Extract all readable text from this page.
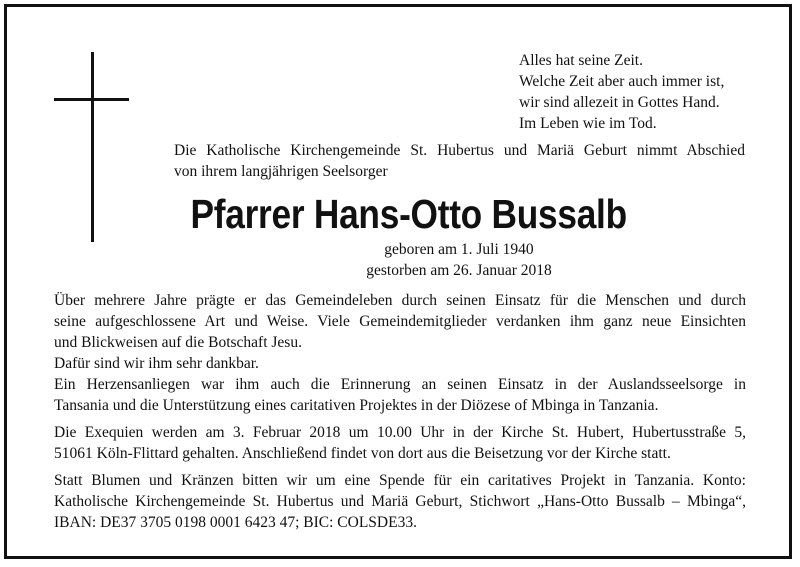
Alles hat seine Zeit.
Welche Zeit aber auch immer ist,
wir sind allezeit in Gottes Hand.
Im Leben wie im Tod.
Die Katholische Kirchengemeinde St. Hubertus und Mariä Geburt nimmt Abschied
von ihrem langjährigen Seelsorger
Pfarrer Hans-Otto Bussalb
geboren am 1. Juli 1940
gestorben am 26. Januar 2018
Über mehrere Jahre prägte er das Gemeindeleben durch seinen Einsatz für die Menschen und durch
seine aufgeschlossene Art und Weise. Viele Gemeindemitglieder verdanken ihm ganz neue Einsichten
und Blickweisen auf die Botschaft Jesu.
Dafür sind wir ihm sehr dankbar.
Ein Herzensanliegen war ihm auch die Erinnerung an seinen Einsatz in der Auslandsseelsorge in
Tansania und die Unterstützung eines caritativen Projektes in der Diözese of Mbinga in Tanzania.
Die Exequien werden am 3. Februar 2018 um 10.00 Uhr in der Kirche St. Hubert, Hubertusstraße 5,
51061 Köln-Flittard gehalten. Anschließend findet von dort aus die Beisetzung vor der Kirche statt.
Statt Blumen und Kränzen bitten wir um eine Spende für ein caritatives Projekt in Tanzania. Konto:
Katholische Kirchengemeinde St. Hubertus und Mariä Geburt, Stichwort „Hans-Otto Bussalb – Mbinga“,
IBAN: DE37 3705 0198 0001 6423 47; BIC: COLSDE33.
